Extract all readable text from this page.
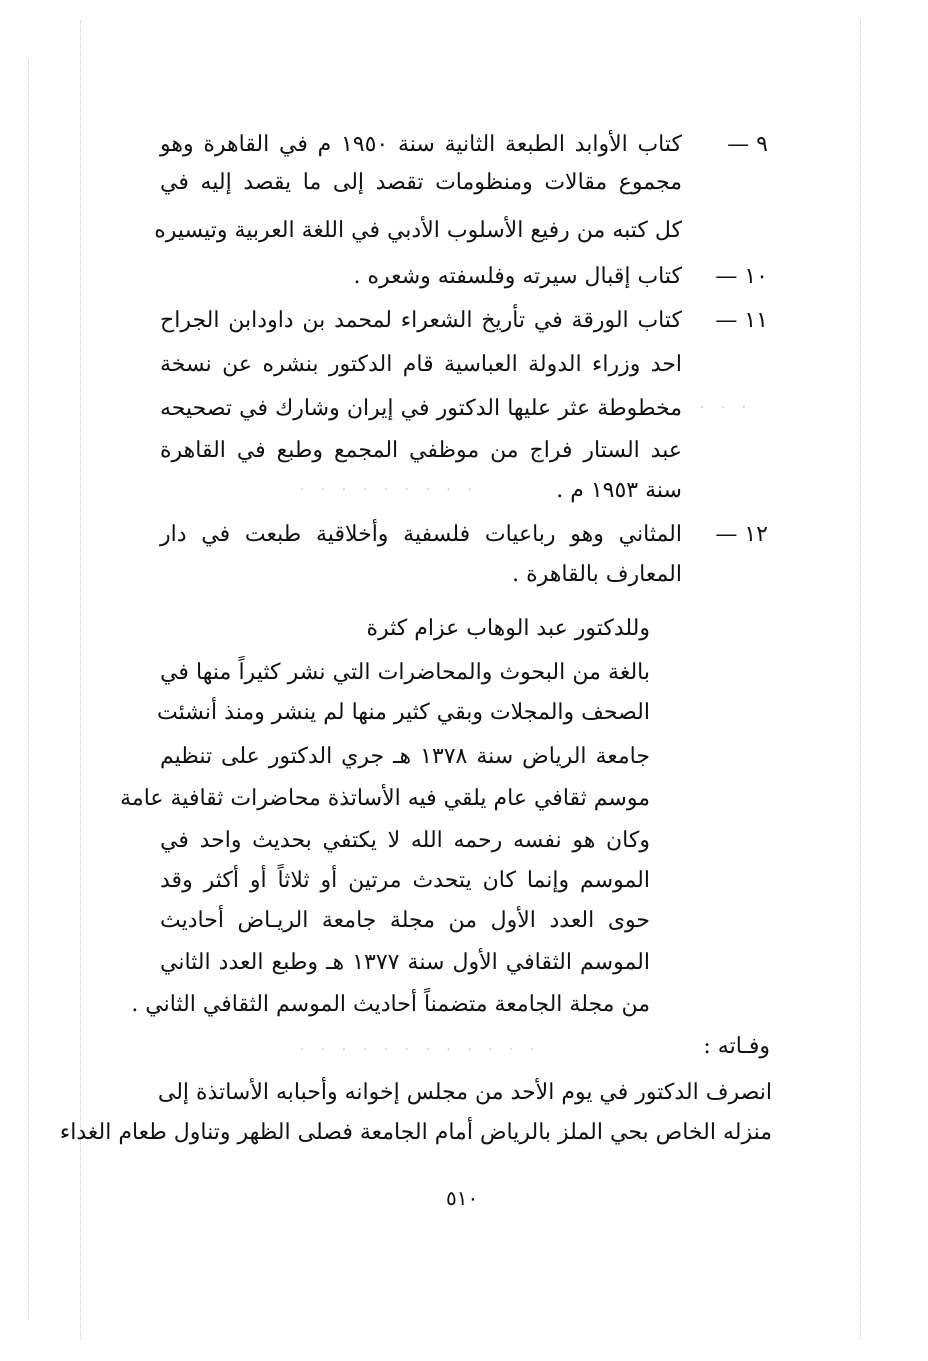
٩ —
كتاب الأوابد الطبعة الثانية سنة ١٩٥٠ م في القاهرة وهو
مجموع مقالات ومنظومات تقصد إلى ما يقصد إليه في
كل كتبه من رفيع الأسلوب الأدبي في اللغة العربية وتيسيره
١٠ —
كتاب إقبال سيرته وفلسفته وشعره .
١١ —
كتاب الورقة في تأريخ الشعراء لمحمد بن داودابن الجراح
احد وزراء الدولة العباسية قام الدكتور بنشره عن نسخة
مخطوطة عثر عليها الدكتور في إيران وشارك في تصحيحه
عبد الستار فراج من موظفي المجمع وطبع في القاهرة
سنة ١٩٥٣ م .
١٢ —
المثاني وهو رباعيات فلسفية وأخلاقية طبعت في دار
المعارف بالقاهرة .
وللدكتور عبد الوهاب عزام كثرة
بالغة من البحوث والمحاضرات التي نشر كثيراً منها في
الصحف والمجلات وبقي كثير منها لم ينشر ومنذ أنشئت
جامعة الرياض سنة ١٣٧٨ هـ جري الدكتور على تنظيم
موسم ثقافي عام يلقي فيه الأساتذة محاضرات ثقافية عامة
وكان هو نفسه رحمه الله لا يكتفي بحديث واحد في
الموسم وإنما كان يتحدث مرتين أو ثلاثاً أو أكثر وقد
حوى العدد الأول من مجلة جامعة الريـاض أحاديث
الموسم الثقافي الأول سنة ١٣٧٧ هـ وطبع العدد الثاني
من مجلة الجامعة متضمناً أحاديث الموسم الثقافي الثاني .
وفـاته :
انصرف الدكتور في يوم الأحد من مجلس إخوانه وأحبابه الأساتذة إلى
منزله الخاص بحي الملز بالرياض أمام الجامعة فصلى الظهر وتناول طعام الغداء
٥١٠
· · · · · · · · ·
· · · · · · · · · · · ·
· · ·
